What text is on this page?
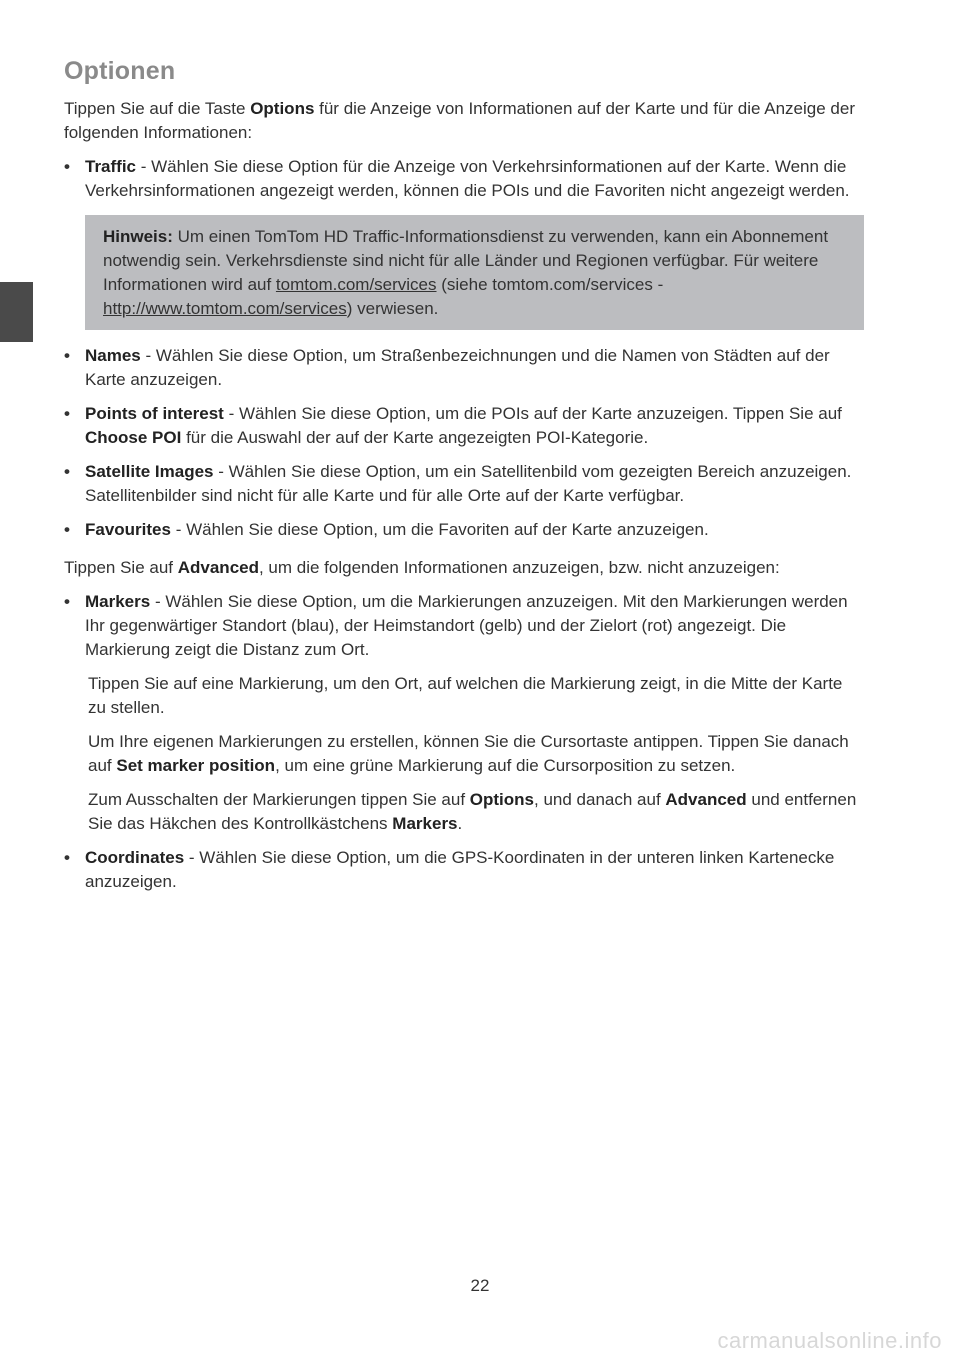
Optionen

Tippen Sie auf die Taste Options für die Anzeige von Informationen auf der Karte und für die Anzeige der folgenden Informationen:

• Traffic - Wählen Sie diese Option für die Anzeige von Verkehrsinformationen auf der Karte. Wenn die Verkehrsinformationen angezeigt werden, können die POIs und die Favoriten nicht angezeigt werden.
Hinweis: Um einen TomTom HD Traffic-Informationsdienst zu verwenden, kann ein Abonnement notwendig sein. Verkehrsdienste sind nicht für alle Länder und Regionen verfügbar. Für weitere Informationen wird auf tomtom.com/services (siehe tomtom.com/services - http://www.tomtom.com/services) verwiesen.
• Names - Wählen Sie diese Option, um Straßenbezeichnungen und die Namen von Städten auf der Karte anzuzeigen.
• Points of interest - Wählen Sie diese Option, um die POIs auf der Karte anzuzeigen. Tippen Sie auf Choose POI für die Auswahl der auf der Karte angezeigten POI-Kategorie.
• Satellite Images - Wählen Sie diese Option, um ein Satellitenbild vom gezeigten Bereich anzuzeigen. Satellitenbilder sind nicht für alle Karte und für alle Orte auf der Karte verfügbar.
• Favourites - Wählen Sie diese Option, um die Favoriten auf der Karte anzuzeigen.

Tippen Sie auf Advanced, um die folgenden Informationen anzuzeigen, bzw. nicht anzuzeigen:

• Markers - Wählen Sie diese Option, um die Markierungen anzuzeigen. Mit den Markierungen werden Ihr gegenwärtiger Standort (blau), der Heimstandort (gelb) und der Zielort (rot) angezeigt. Die Markierung zeigt die Distanz zum Ort.

Tippen Sie auf eine Markierung, um den Ort, auf welchen die Markierung zeigt, in die Mitte der Karte zu stellen.

Um Ihre eigenen Markierungen zu erstellen, können Sie die Cursortaste antippen. Tippen Sie danach auf Set marker position, um eine grüne Markierung auf die Cursorposition zu setzen.

Zum Ausschalten der Markierungen tippen Sie auf Options, und danach auf Advanced und entfernen Sie das Häkchen des Kontrollkästchens Markers.

• Coordinates - Wählen Sie diese Option, um die GPS-Koordinaten in der unteren linken Kartenecke anzuzeigen.
22
carmanualsonline.info
